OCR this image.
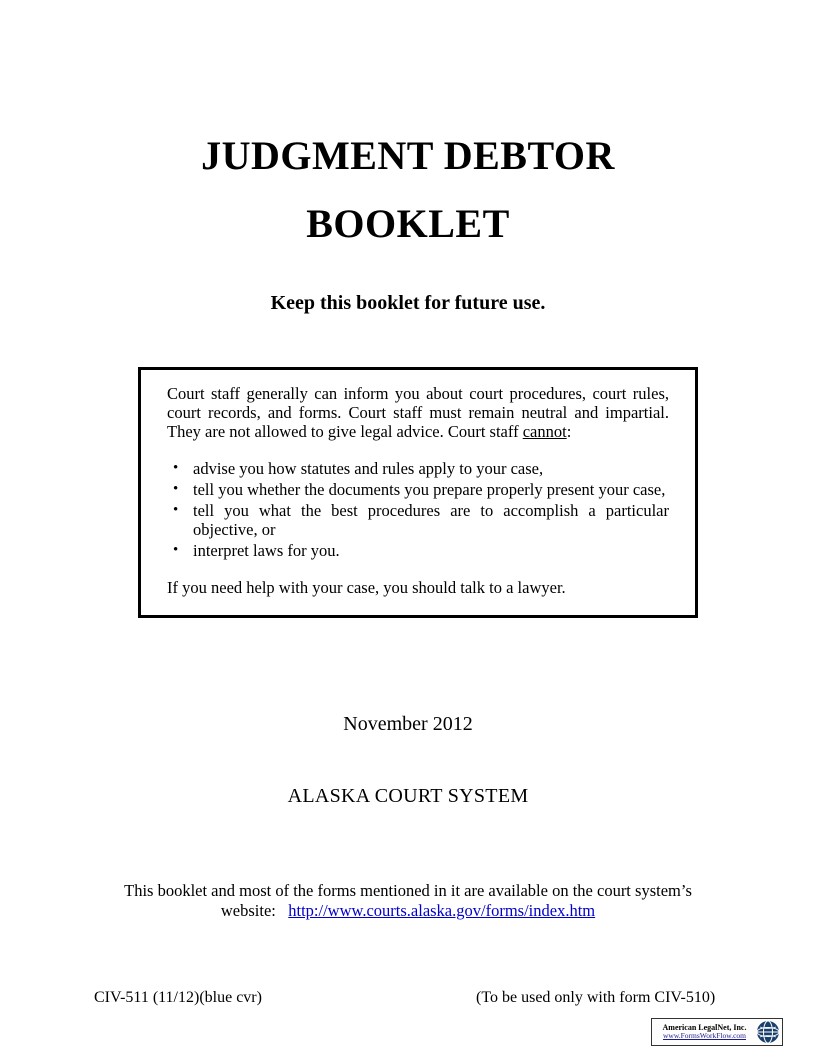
JUDGMENT DEBTOR
BOOKLET
Keep this booklet for future use.

Court staff generally can inform you about court procedures, court rules, court records, and forms. Court staff must remain neutral and impartial. They are not allowed to give legal advice. Court staff cannot:

• advise you how statutes and rules apply to your case,
• tell you whether the documents you prepare properly present your case,
• tell you what the best procedures are to accomplish a particular objective, or
• interpret laws for you.

If you need help with your case, you should talk to a lawyer.

November 2012
ALASKA COURT SYSTEM
This booklet and most of the forms mentioned in it are available on the court system’s website: http://www.courts.alaska.gov/forms/index.htm
CIV-511 (11/12)(blue cvr)	(To be used only with form CIV-510)
American LegalNet, Inc.
www.FormsWorkFlow.com
